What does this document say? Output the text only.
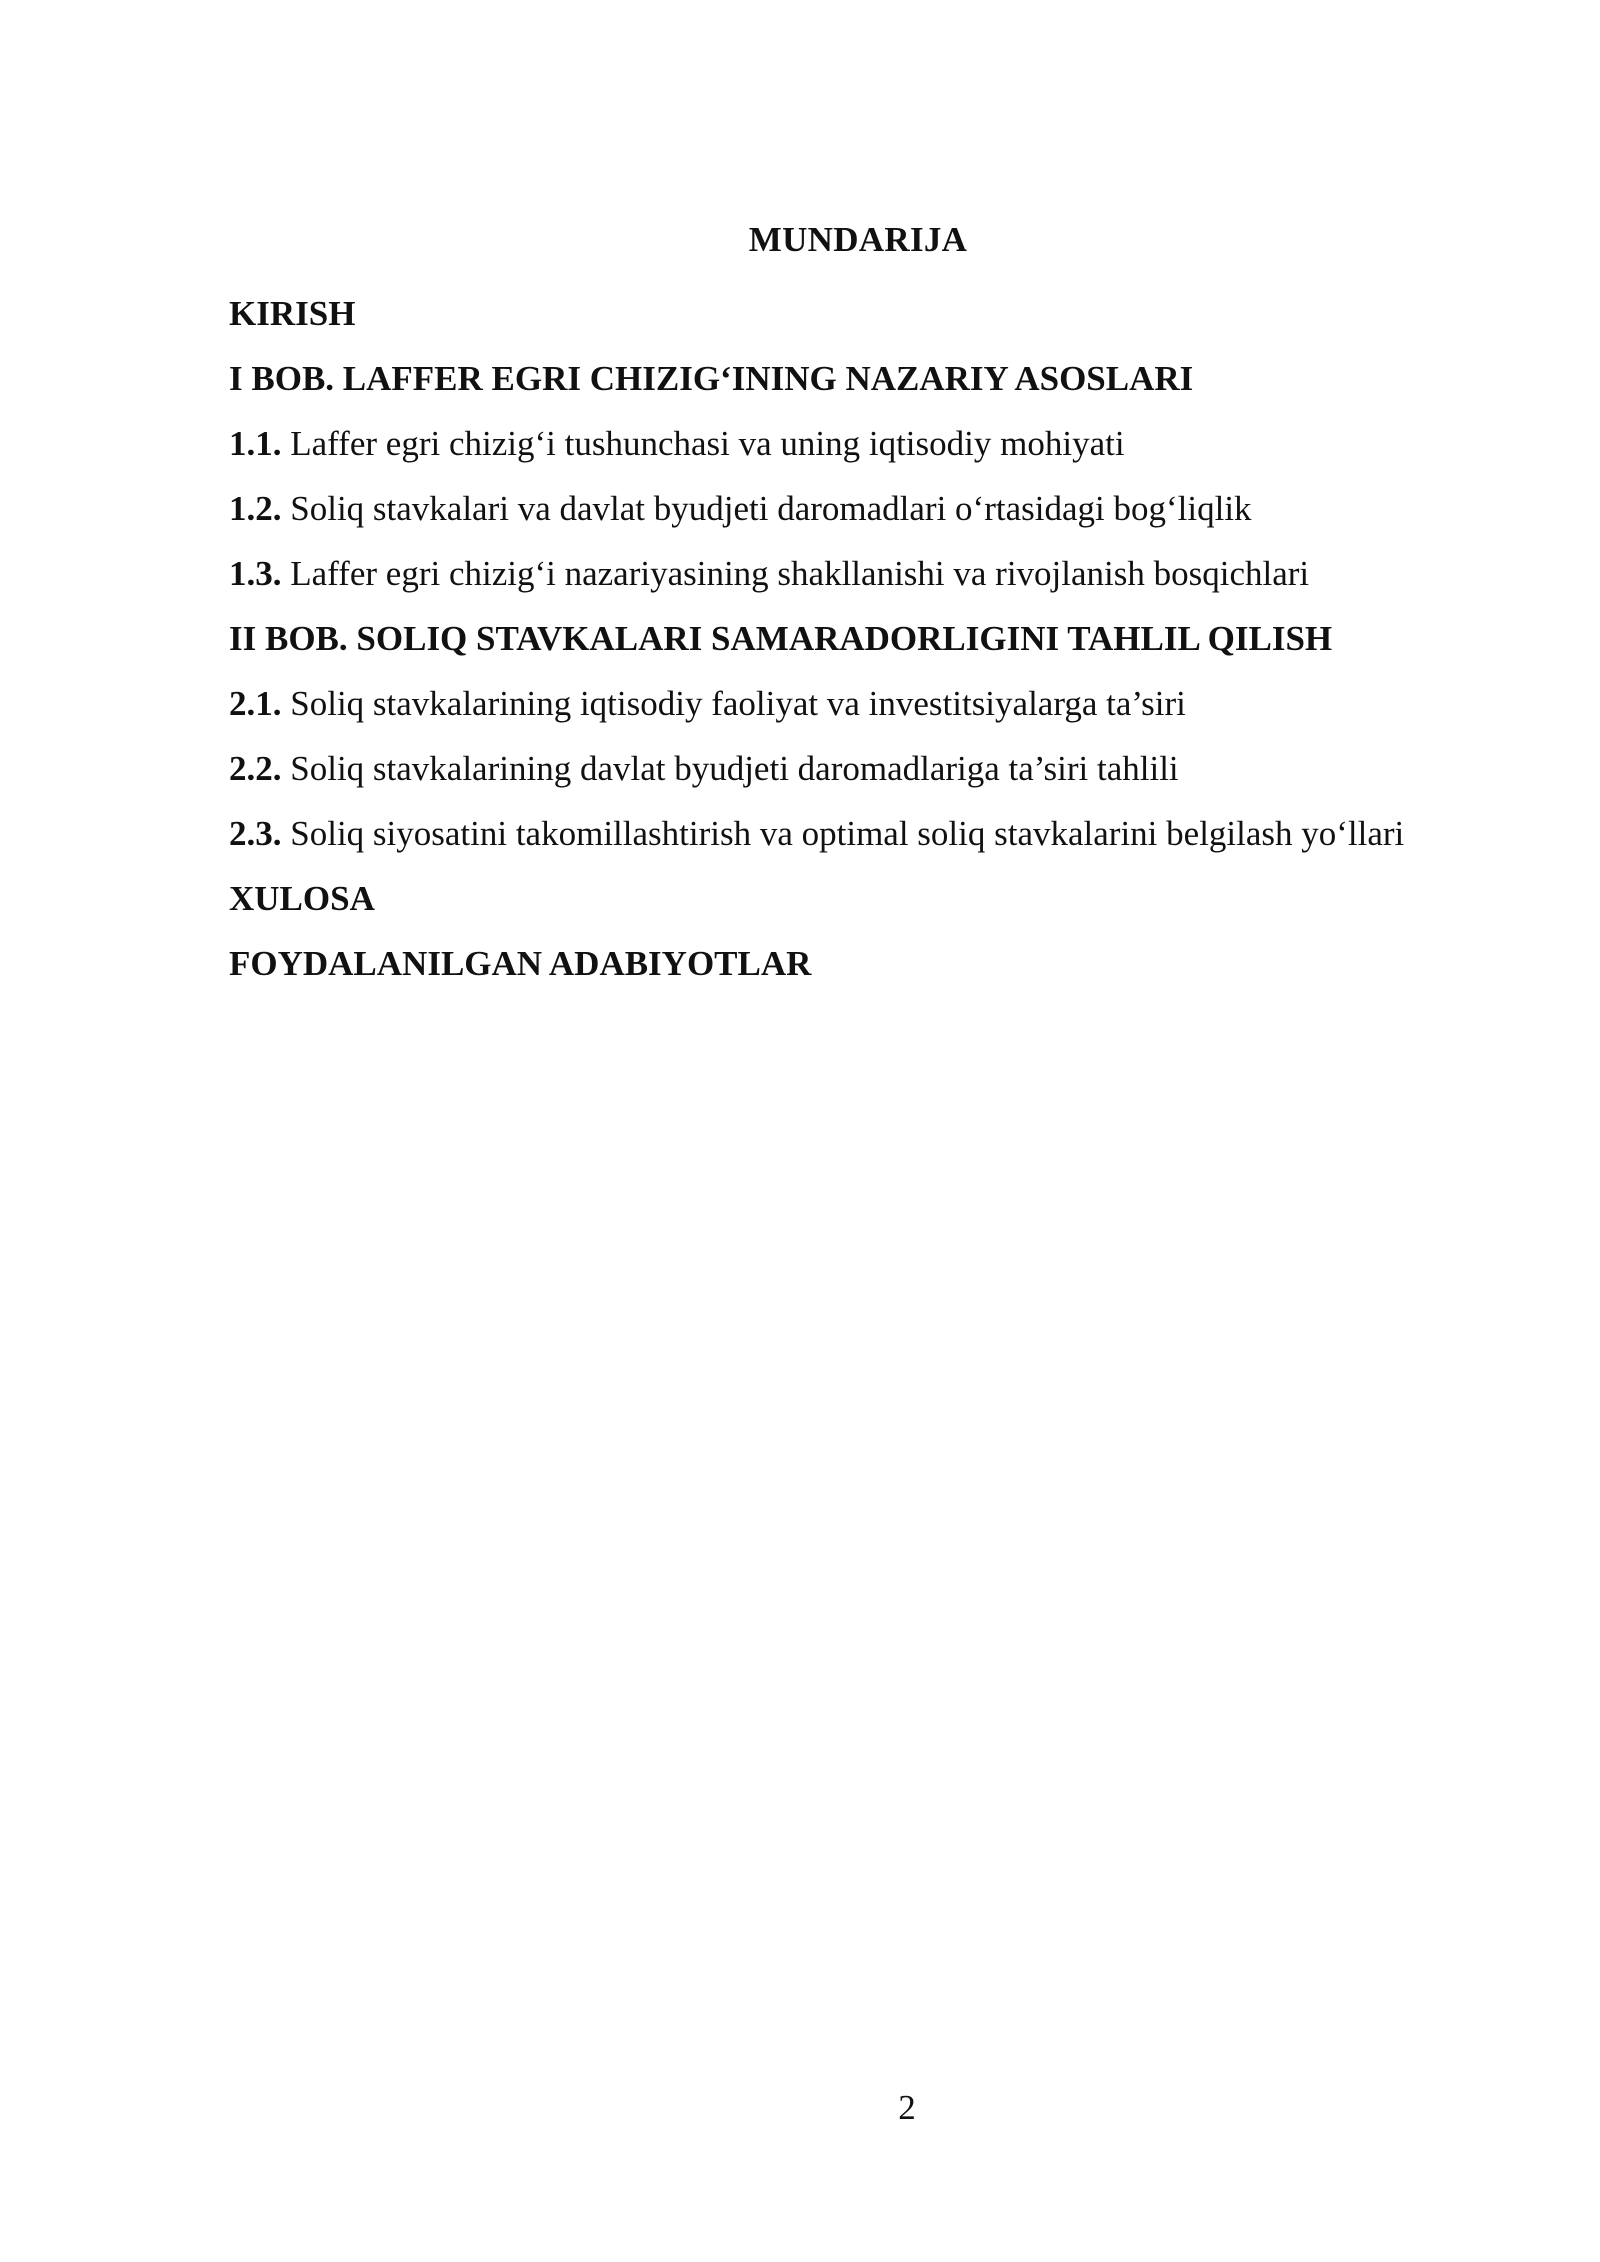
MUNDARIJA
KIRISH
I BOB. LAFFER EGRI CHIZIG‘INING NAZARIY ASOSLARI
1.1. Laffer egri chizig‘i tushunchasi va uning iqtisodiy mohiyati
1.2. Soliq stavkalari va davlat byudjeti daromadlari o‘rtasidagi bog‘liqlik
1.3. Laffer egri chizig‘i nazariyasining shakllanishi va rivojlanish bosqichlari
II BOB. SOLIQ STAVKALARI SAMARADORLIGINI TAHLIL QILISH
2.1. Soliq stavkalarining iqtisodiy faoliyat va investitsiyalarga ta’siri
2.2. Soliq stavkalarining davlat byudjeti daromadlariga ta’siri tahlili
2.3. Soliq siyosatini takomillashtirish va optimal soliq stavkalarini belgilash yo‘llari
XULOSA
FOYDALANILGAN ADABIYOTLAR
2
